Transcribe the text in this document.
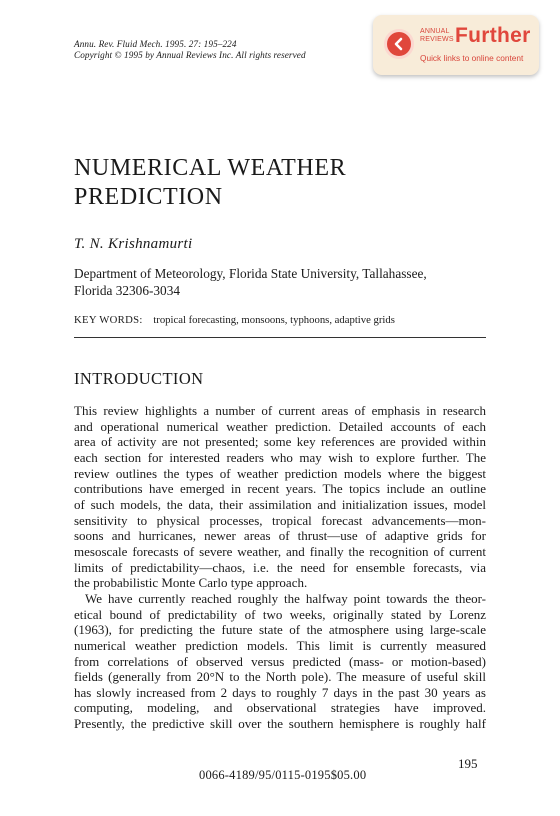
Annu. Rev. Fluid Mech. 1995. 27: 195–224
Copyright © 1995 by Annual Reviews Inc. All rights reserved
ANNUAL
REVIEWS Further
Quick links to online content
NUMERICAL WEATHER
PREDICTION
T. N. Krishnamurti
Department of Meteorology, Florida State University, Tallahassee,
Florida 32306-3034
KEY WORDS: tropical forecasting, monsoons, typhoons, adaptive grids
INTRODUCTION

This review highlights a number of current areas of emphasis in research
and operational numerical weather prediction. Detailed accounts of each
area of activity are not presented; some key references are provided within
each section for interested readers who may wish to explore further. The
review outlines the types of weather prediction models where the biggest
contributions have emerged in recent years. The topics include an outline
of such models, the data, their assimilation and initialization issues, model
sensitivity to physical processes, tropical forecast advancements—mon-
soons and hurricanes, newer areas of thrust—use of adaptive grids for
mesoscale forecasts of severe weather, and finally the recognition of current
limits of predictability—chaos, i.e. the need for ensemble forecasts, via
the probabilistic Monte Carlo type approach.

We have currently reached roughly the halfway point towards the theor-
etical bound of predictability of two weeks, originally stated by Lorenz
(1963), for predicting the future state of the atmosphere using large-scale
numerical weather prediction models. This limit is currently measured
from correlations of observed versus predicted (mass- or motion-based)
fields (generally from 20°N to the North pole). The measure of useful skill
has slowly increased from 2 days to roughly 7 days in the past 30 years as
computing, modeling, and observational strategies have improved.
Presently, the predictive skill over the southern hemisphere is roughly half

195
0066-4189/95/0115-0195$05.00
